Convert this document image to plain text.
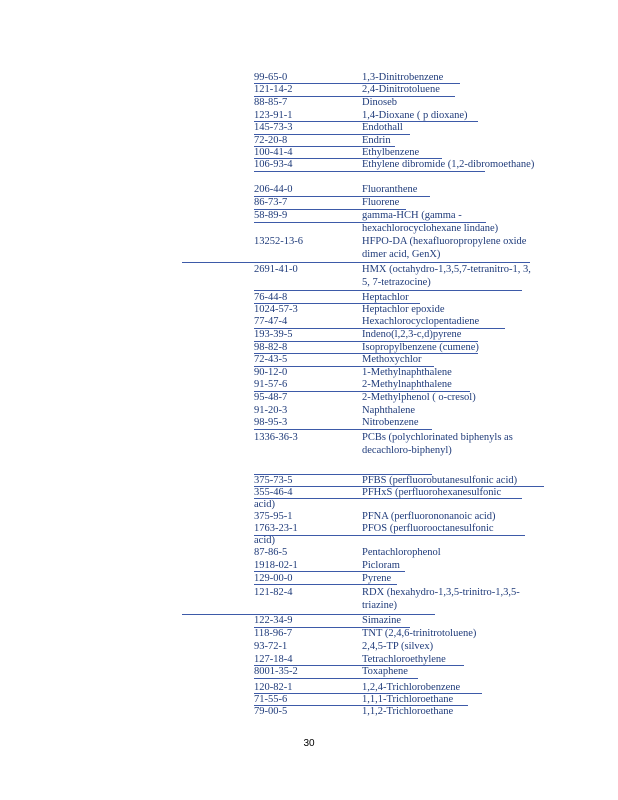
99-65-0	1,3-Dinitrobenzene
121-14-2	2,4-Dinitrotoluene
88-85-7	Dinoseb
123-91-1	1,4-Dioxane ( p dioxane)
145-73-3	Endothall
72-20-8	Endrin
100-41-4	Ethylbenzene
106-93-4	Ethylene dibromide (1,2-dibromoethane)
206-44-0	Fluoranthene
86-73-7	Fluorene
58-89-9	gamma-HCH (gamma -hexachlorocyclohexane lindane)
13252-13-6	HFPO-DA (hexafluoropropylene oxide dimer acid, GenX)
2691-41-0	HMX (octahydro-1,3,5,7-tetranitro-1, 3, 5, 7-tetrazocine)
76-44-8	Heptachlor
1024-57-3	Heptachlor epoxide
77-47-4	Hexachlorocyclopentadiene
193-39-5	Indeno(l,2,3-c,d)pyrene
98-82-8	Isopropylbenzene (cumene)
72-43-5	Methoxychlor
90-12-0	1-Methylnaphthalene
91-57-6	2-Methylnaphthalene
95-48-7	2-Methylphenol ( o-cresol)
91-20-3	Naphthalene
98-95-3	Nitrobenzene
1336-36-3	PCBs (polychlorinated biphenyls as decachloro-biphenyl)
375-73-5	PFBS (perfluorobutanesulfonic acid)
355-46-4	PFHxS (perfluorohexanesulfonic
acid)
375-95-1	PFNA (perfluorononanoic acid)
1763-23-1	PFOS (perfluorooctanesulfonic
acid)
87-86-5	Pentachlorophenol
1918-02-1	Picloram
129-00-0	Pyrene
121-82-4	RDX (hexahydro-1,3,5-trinitro-1,3,5-triazine)
122-34-9	Simazine
118-96-7	TNT (2,4,6-trinitrotoluene)
93-72-1	2,4,5-TP (silvex)
127-18-4	Tetrachloroethylene
8001-35-2	Toxaphene
120-82-1	1,2,4-Trichlorobenzene
71-55-6	1,1,1-Trichloroethane
79-00-5	1,1,2-Trichloroethane
30
